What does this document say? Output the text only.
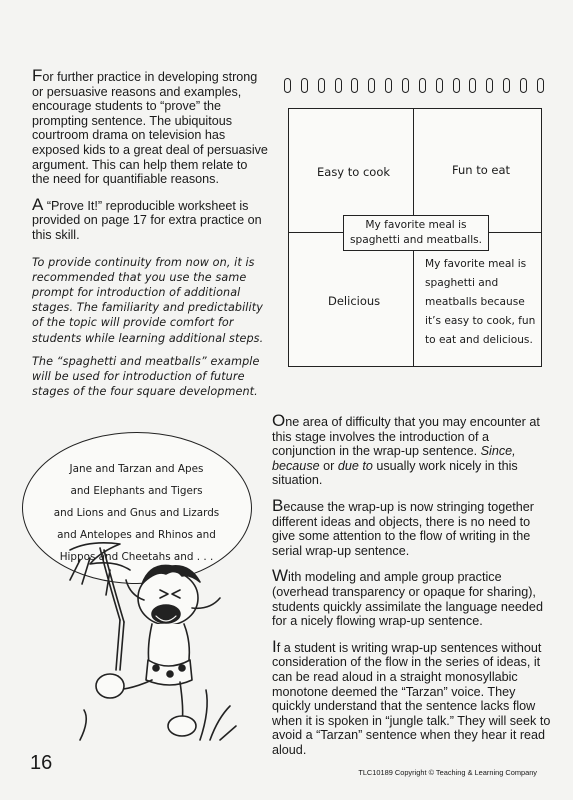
For further practice in developing strong or persuasive reasons and examples, encourage students to “prove” the prompting sentence. The ubiquitous courtroom drama on television has exposed kids to a great deal of persuasive argument. This can help them relate to the need for quantifiable reasons.

A “Prove It!” reproducible worksheet is provided on page 17 for extra practice on this skill.

To provide continuity from now on, it is recommended that you use the same prompt for introduction of additional stages. The familiarity and predictability of the topic will provide comfort for students while learning additional steps.

The “spaghetti and meatballs” example will be used for introduction of future stages of the four square development.

Easy to cook	Fun to eat
Delicious
My favorite meal is spaghetti and meatballs because it’s easy to cook, fun to eat and delicious.
My favorite meal is
spaghetti and meatballs.

One area of difficulty that you may encounter at this stage involves the introduction of a conjunction in the wrap-up sentence. Since, because or due to usually work nicely in this situation.

Because the wrap-up is now stringing together different ideas and objects, there is no need to give some attention to the flow of writing in the serial wrap-up sentence.

With modeling and ample group practice (overhead transparency or opaque for sharing), students quickly assimilate the language needed for a nicely flowing wrap-up sentence.

If a student is writing wrap-up sentences without consideration of the flow in the series of ideas, it can be read aloud in a straight monosyllabic monotone deemed the “Tarzan” voice. They quickly understand that the sentence lacks flow when it is spoken in “jungle talk.” They will seek to avoid a “Tarzan” sentence when they hear it read aloud.

Jane and Tarzan and Apes
and Elephants and Tigers
and Lions and Gnus and Lizards
and Antelopes and Rhinos and
Hippos and Cheetahs and . . .
16	TLC10189 Copyright © Teaching & Learning Company
